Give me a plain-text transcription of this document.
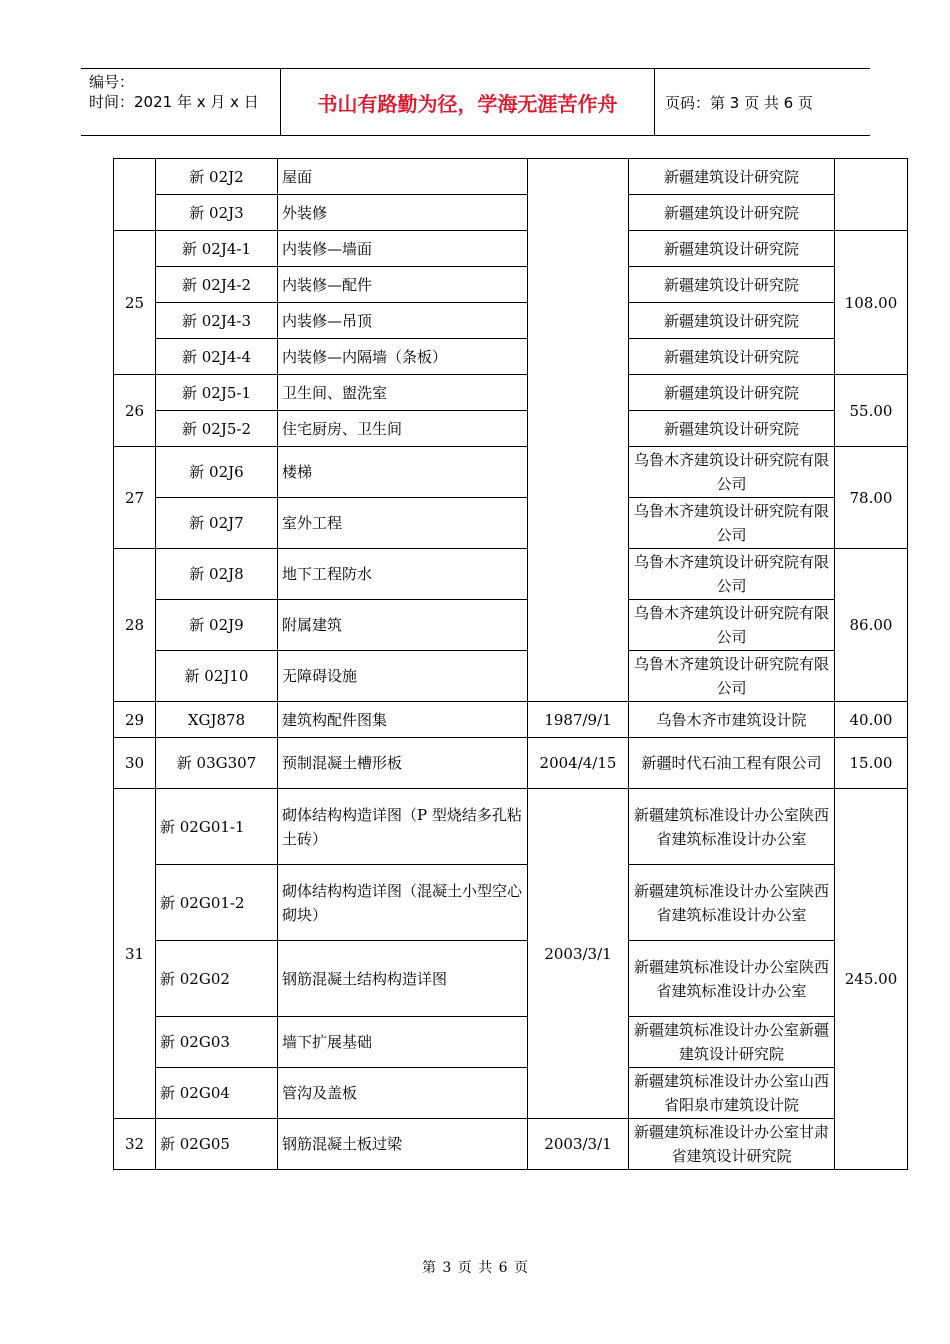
编号：
时间：2021 年 x 月 x 日	书山有路勤为径，学海无涯苦作舟	页码：第 3 页 共 6 页
	新 02J2	屋面		新疆建筑设计研究院	
	新 02J3	外装修		新疆建筑设计研究院	
25	新 02J4-1	内装修—墙面		新疆建筑设计研究院	108.00
	新 02J4-2	内装修—配件		新疆建筑设计研究院	
	新 02J4-3	内装修—吊顶		新疆建筑设计研究院	
	新 02J4-4	内装修—内隔墙（条板）		新疆建筑设计研究院	
26	新 02J5-1	卫生间、盥洗室		新疆建筑设计研究院	55.00
	新 02J5-2	住宅厨房、卫生间		新疆建筑设计研究院	
27	新 02J6	楼梯		乌鲁木齐建筑设计研究院有限公司	78.00
	新 02J7	室外工程		乌鲁木齐建筑设计研究院有限公司	
28	新 02J8	地下工程防水		乌鲁木齐建筑设计研究院有限公司	86.00
	新 02J9	附属建筑		乌鲁木齐建筑设计研究院有限公司	
	新 02J10	无障碍设施		乌鲁木齐建筑设计研究院有限公司	
29	XGJ878	建筑构配件图集	1987/9/1	乌鲁木齐市建筑设计院	40.00
30	新 03G307	预制混凝土槽形板	2004/4/15	新疆时代石油工程有限公司	15.00
31	新 02G01-1	砌体结构构造详图（P 型烧结多孔粘土砖）	2003/3/1	新疆建筑标准设计办公室陕西省建筑标准设计办公室	245.00
	新 02G01-2	砌体结构构造详图（混凝土小型空心砌块）		新疆建筑标准设计办公室陕西省建筑标准设计办公室	
	新 02G02	钢筋混凝土结构构造详图		新疆建筑标准设计办公室陕西省建筑标准设计办公室	
	新 02G03	墙下扩展基础		新疆建筑标准设计办公室新疆建筑设计研究院	
	新 02G04	管沟及盖板		新疆建筑标准设计办公室山西省阳泉市建筑设计院	
32	新 02G05	钢筋混凝土板过梁	2003/3/1	新疆建筑标准设计办公室甘肃省建筑设计研究院	
第 3 页 共 6 页
